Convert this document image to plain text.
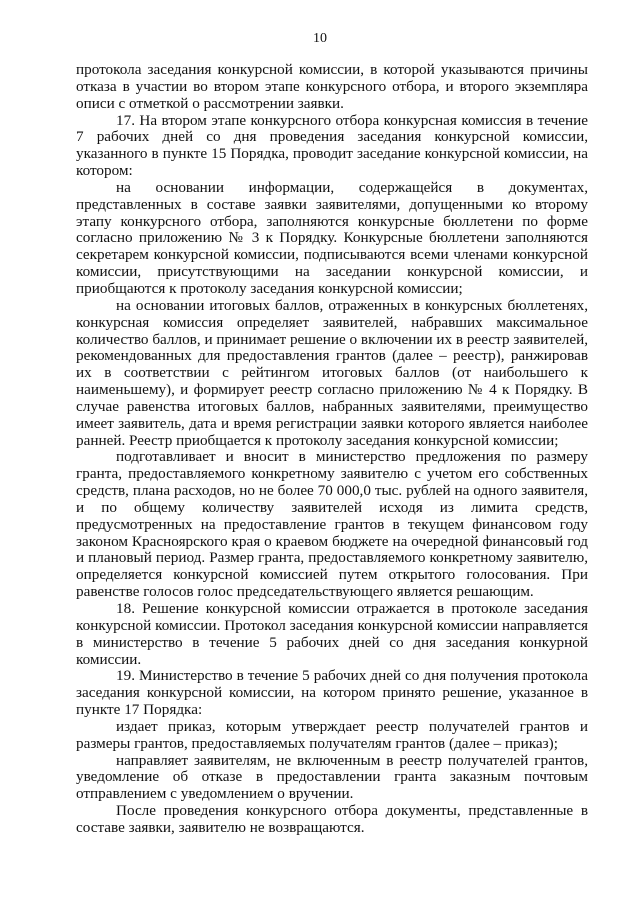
10

протокола заседания конкурсной комиссии, в которой указываются причины отказа в участии во втором этапе конкурсного отбора, и второго экземпляра описи с отметкой о рассмотрении заявки.

17. На втором этапе конкурсного отбора конкурсная комиссия в течение 7 рабочих дней со дня проведения заседания конкурсной комиссии, указанного в пункте 15 Порядка, проводит заседание конкурсной комиссии, на котором:

на основании информации, содержащейся в документах, представленных в составе заявки заявителями, допущенными ко второму этапу конкурсного отбора, заполняются конкурсные бюллетени по форме согласно приложению № 3 к Порядку. Конкурсные бюллетени заполняются секретарем конкурсной комиссии, подписываются всеми членами конкурсной комиссии, присутствующими на заседании конкурсной комиссии, и приобщаются к протоколу заседания конкурсной комиссии;

на основании итоговых баллов, отраженных в конкурсных бюллетенях, конкурсная комиссия определяет заявителей, набравших максимальное количество баллов, и принимает решение о включении их в реестр заявителей, рекомендованных для предоставления грантов (далее – реестр), ранжировав их в соответствии с рейтингом итоговых баллов (от наибольшего к наименьшему), и формирует реестр согласно приложению № 4 к Порядку. В случае равенства итоговых баллов, набранных заявителями, преимущество имеет заявитель, дата и время регистрации заявки которого является наиболее ранней. Реестр приобщается к протоколу заседания конкурсной комиссии;

подготавливает и вносит в министерство предложения по размеру гранта, предоставляемого конкретному заявителю с учетом его собственных средств, плана расходов, но не более 70 000,0 тыс. рублей на одного заявителя, и по общему количеству заявителей исходя из лимита средств, предусмотренных на предоставление грантов в текущем финансовом году законом Красноярского края о краевом бюджете на очередной финансовый год и плановый период. Размер гранта, предоставляемого конкретному заявителю, определяется конкурсной комиссией путем открытого голосования. При равенстве голосов голос председательствующего является решающим.

18. Решение конкурсной комиссии отражается в протоколе заседания конкурсной комиссии. Протокол заседания конкурсной комиссии направляется в министерство в течение 5 рабочих дней со дня заседания конкурной комиссии.

19. Министерство в течение 5 рабочих дней со дня получения протокола заседания конкурсной комиссии, на котором принято решение, указанное в пункте 17 Порядка:

издает приказ, которым утверждает реестр получателей грантов и размеры грантов, предоставляемых получателям грантов (далее – приказ);

направляет заявителям, не включенным в реестр получателей грантов, уведомление об отказе в предоставлении гранта заказным почтовым отправлением с уведомлением о вручении.

После проведения конкурсного отбора документы, представленные в составе заявки, заявителю не возвращаются.
